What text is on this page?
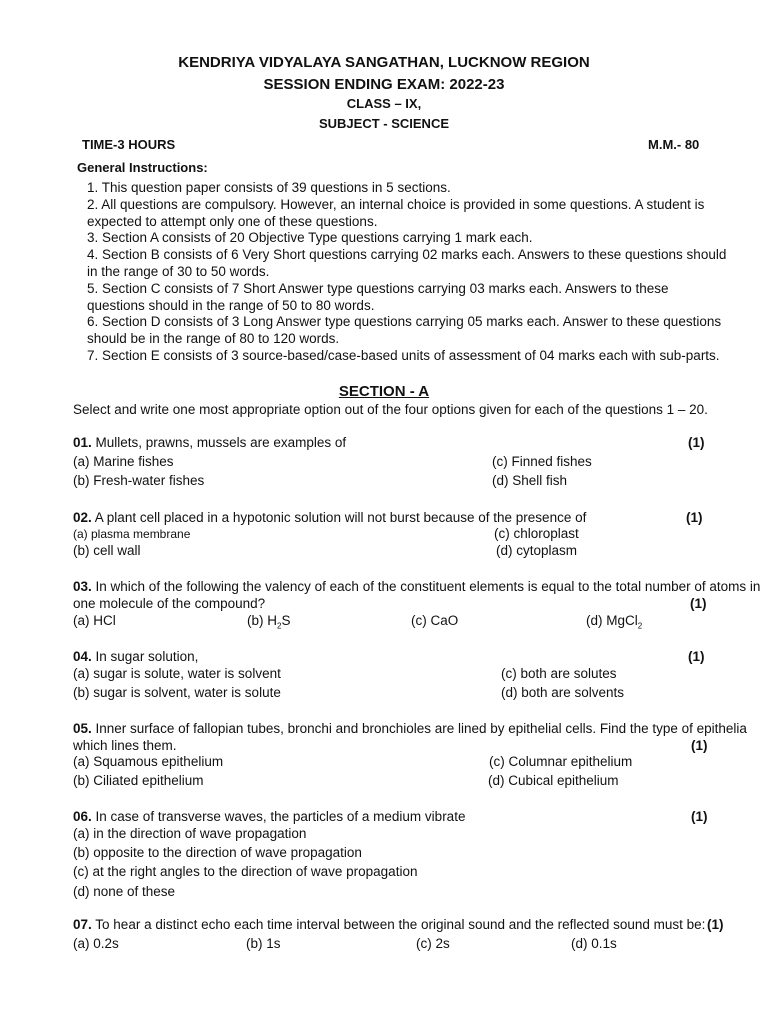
KENDRIYA VIDYALAYA SANGATHAN, LUCKNOW REGION
SESSION ENDING EXAM: 2022-23
CLASS – IX,
SUBJECT - SCIENCE
TIME-3 HOURS	M.M.- 80
General Instructions:
1. This question paper consists of 39 questions in 5 sections.
2. All questions are compulsory. However, an internal choice is provided in some questions. A student is expected to attempt only one of these questions.
3. Section A consists of 20 Objective Type questions carrying 1 mark each.
4. Section B consists of 6 Very Short questions carrying 02 marks each. Answers to these questions should in the range of 30 to 50 words.
5. Section C consists of 7 Short Answer type questions carrying 03 marks each. Answers to these questions should in the range of 50 to 80 words.
6. Section D consists of 3 Long Answer type questions carrying 05 marks each. Answer to these questions should be in the range of 80 to 120 words.
7. Section E consists of 3 source-based/case-based units of assessment of 04 marks each with sub-parts.
SECTION - A
Select and write one most appropriate option out of the four options given for each of the questions 1 – 20.
01. Mullets, prawns, mussels are examples of	(1)
(a) Marine fishes
(b) Fresh-water fishes
(c) Finned fishes
(d) Shell fish
02. A plant cell placed in a hypotonic solution will not burst because of the presence of	(1)
(a) plasma membrane
(b) cell wall
(c) chloroplast
(d) cytoplasm
03. In which of the following the valency of each of the constituent elements is equal to the total number of atoms in
one molecule of the compound?	(1)
(a) HCl	(b) $H_2S$	(c) CaO	(d) MgCl$_2$
04. In sugar solution,	(1)
(a) sugar is solute, water is solvent
(b) sugar is solvent, water is solute
(c) both are solutes
(d) both are solvents
05. Inner surface of fallopian tubes, bronchi and bronchioles are lined by epithelial cells. Find the type of epithelia
which lines them.	(1)
(a) Squamous epithelium
(b) Ciliated epithelium
(c) Columnar epithelium
(d) Cubical epithelium
06. In case of transverse waves, the particles of a medium vibrate	(1)
(a) in the direction of wave propagation
(b) opposite to the direction of wave propagation
(c) at the right angles to the direction of wave propagation
(d) none of these
07. To hear a distinct echo each time interval between the original sound and the reflected sound must be: (1)
(a) 0.2s	(b) 1s	(c) 2s	(d) 0.1s
